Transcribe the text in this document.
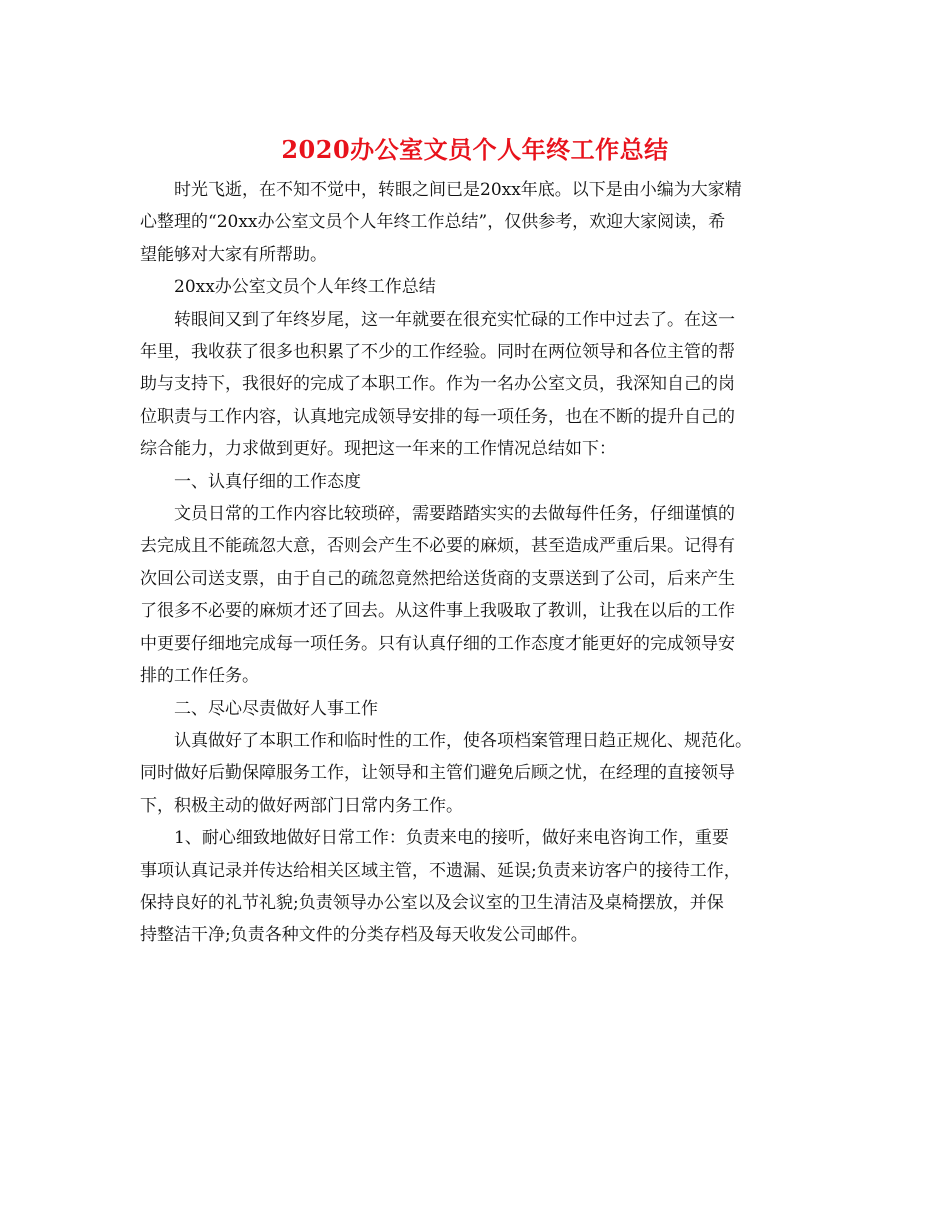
2020办公室文员个人年终工作总结

时光飞逝，在不知不觉中，转眼之间已是20xx年底。以下是由小编为大家精
心整理的“20xx办公室文员个人年终工作总结”，仅供参考，欢迎大家阅读，希
望能够对大家有所帮助。

20xx办公室文员个人年终工作总结

转眼间又到了年终岁尾，这一年就要在很充实忙碌的工作中过去了。在这一
年里，我收获了很多也积累了不少的工作经验。同时在两位领导和各位主管的帮
助与支持下，我很好的完成了本职工作。作为一名办公室文员，我深知自己的岗
位职责与工作内容，认真地完成领导安排的每一项任务，也在不断的提升自己的
综合能力，力求做到更好。现把这一年来的工作情况总结如下：

一、认真仔细的工作态度

文员日常的工作内容比较琐碎，需要踏踏实实的去做每件任务，仔细谨慎的
去完成且不能疏忽大意，否则会产生不必要的麻烦，甚至造成严重后果。记得有
次回公司送支票，由于自己的疏忽竟然把给送货商的支票送到了公司，后来产生
了很多不必要的麻烦才还了回去。从这件事上我吸取了教训，让我在以后的工作
中更要仔细地完成每一项任务。只有认真仔细的工作态度才能更好的完成领导安
排的工作任务。

二、尽心尽责做好人事工作

认真做好了本职工作和临时性的工作，使各项档案管理日趋正规化、规范化。
同时做好后勤保障服务工作，让领导和主管们避免后顾之忧，在经理的直接领导
下，积极主动的做好两部门日常内务工作。

1、耐心细致地做好日常工作：负责来电的接听，做好来电咨询工作，重要
事项认真记录并传达给相关区域主管，不遗漏、延误;负责来访客户的接待工作，
保持良好的礼节礼貌;负责领导办公室以及会议室的卫生清洁及桌椅摆放，并保
持整洁干净;负责各种文件的分类存档及每天收发公司邮件。
